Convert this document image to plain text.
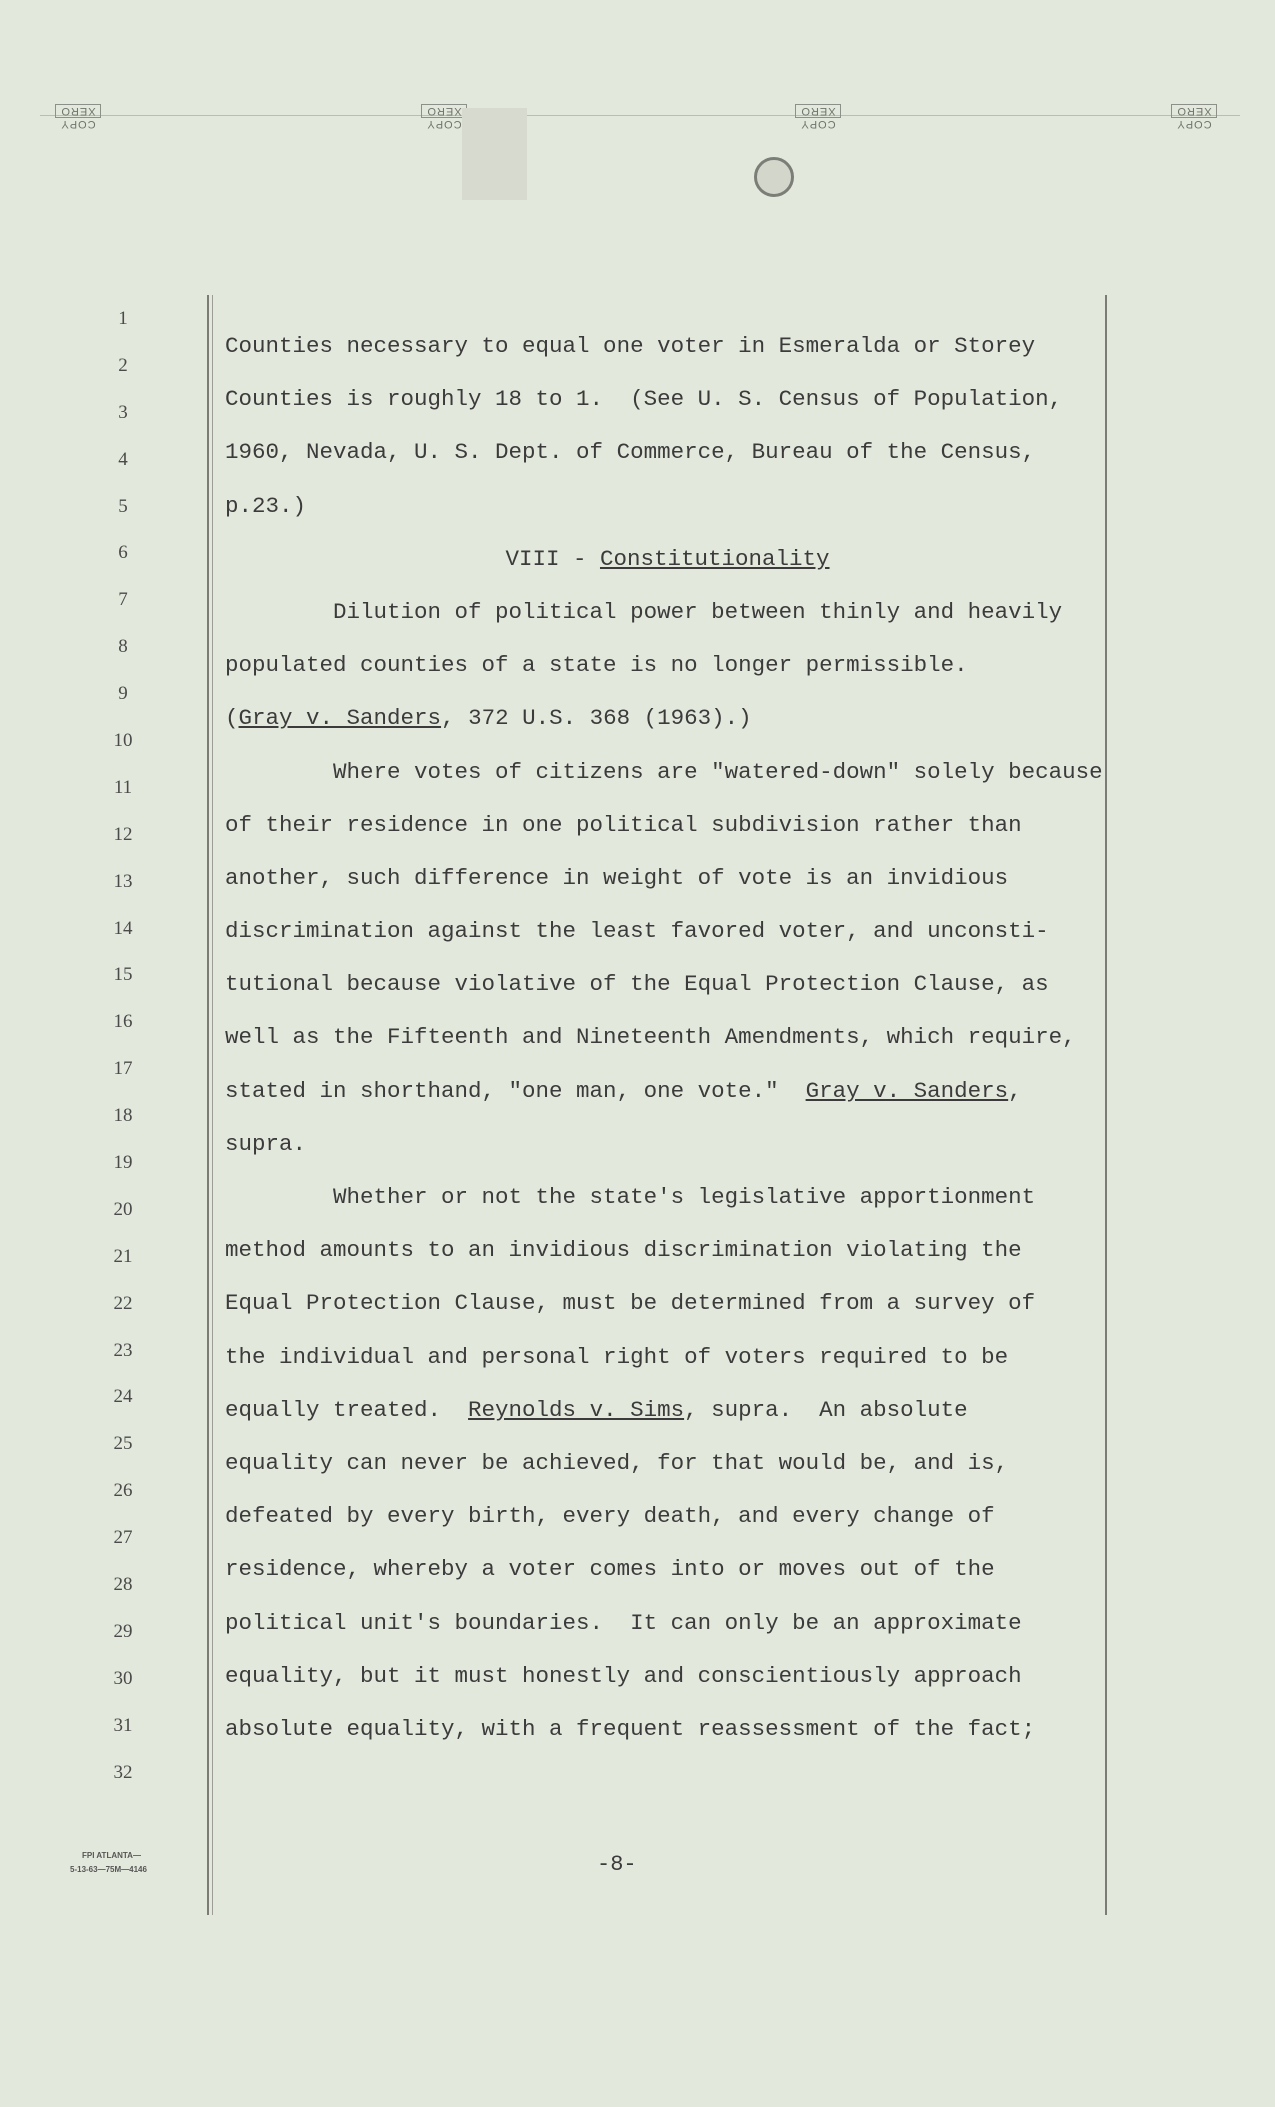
COPY
XERO
COPY
XERO
COPY
XERO
COPY
XERO
1
2
3
4
5
6
7
8
9
10
11
12
13
14
15
16
17
18
19
20
21
22
23
24
25
26
27
28
29
30
31
32
Counties necessary to equal one voter in Esmeralda or Storey
Counties is roughly 18 to 1.  (See U. S. Census of Population,
1960, Nevada, U. S. Dept. of Commerce, Bureau of the Census,
p.23.)
VIII - Constitutionality
Dilution of political power between thinly and heavily
populated counties of a state is no longer permissible.
(Gray v. Sanders, 372 U.S. 368 (1963).)
Where votes of citizens are "watered-down" solely because
of their residence in one political subdivision rather than
another, such difference in weight of vote is an invidious
discrimination against the least favored voter, and unconsti-
tutional because violative of the Equal Protection Clause, as
well as the Fifteenth and Nineteenth Amendments, which require,
stated in shorthand, "one man, one vote."  Gray v. Sanders,
supra.
Whether or not the state's legislative apportionment
method amounts to an invidious discrimination violating the
Equal Protection Clause, must be determined from a survey of
the individual and personal right of voters required to be
equally treated.  Reynolds v. Sims, supra.  An absolute
equality can never be achieved, for that would be, and is,
defeated by every birth, every death, and every change of
residence, whereby a voter comes into or moves out of the
political unit's boundaries.  It can only be an approximate
equality, but it must honestly and conscientiously approach
absolute equality, with a frequent reassessment of the fact;
FPI ATLANTA—
5-13-63—75M—4146	-8-
